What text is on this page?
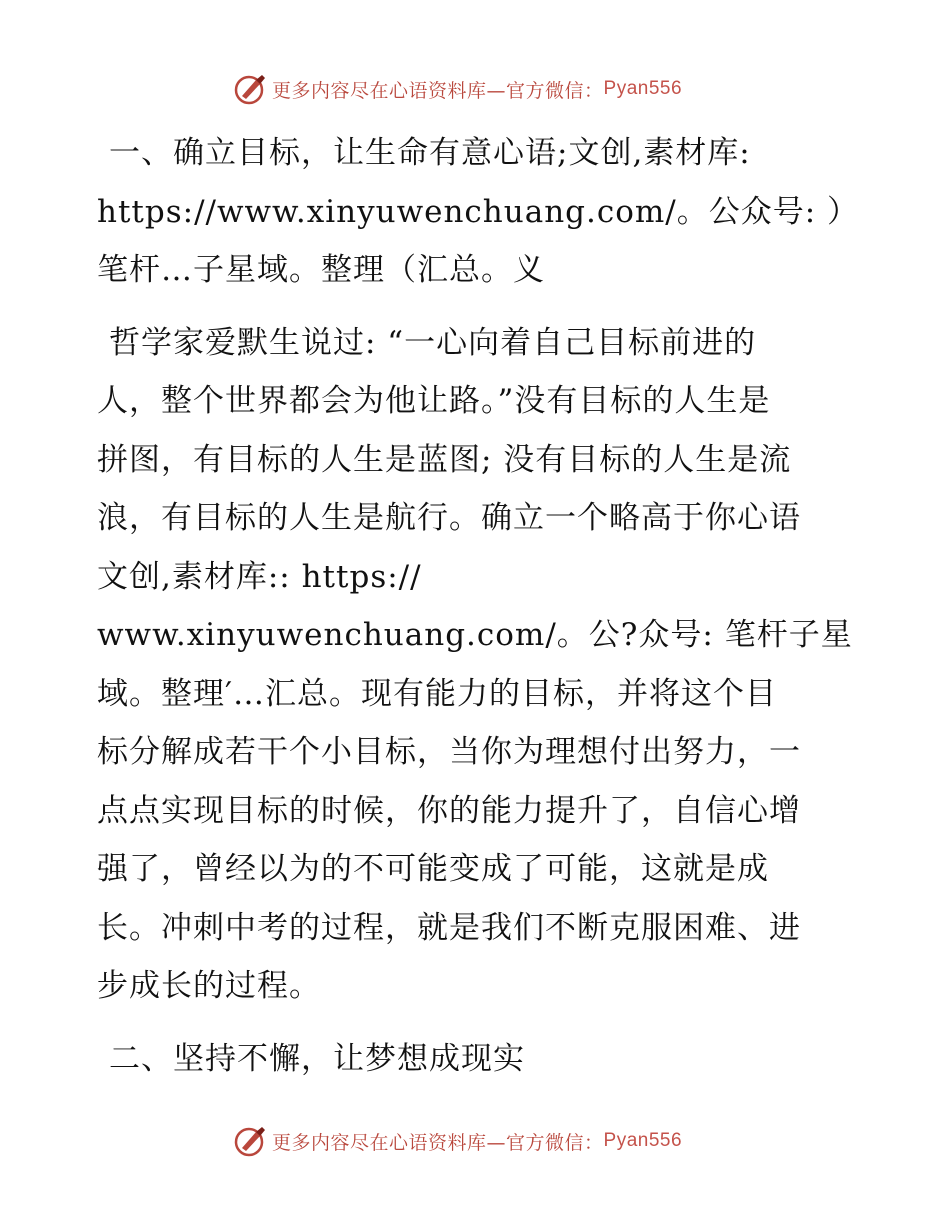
更多内容尽在心语资料库—官方微信： Pyan556

一、确立目标，让生命有意心语;文创,素材库:

https://www.xinyuwenchuang.com/。公众号: ）

笔杆…子星域。整理（汇总。义

哲学家爱默生说过: “一心向着自己目标前进的

人，整个世界都会为他让路。”没有目标的人生是

拼图，有目标的人生是蓝图; 没有目标的人生是流

浪，有目标的人生是航行。确立一个略高于你心语

文创,素材库:: https://

www.xinyuwenchuang.com/。公?众号: 笔杆子星

域。整理′…汇总。现有能力的目标，并将这个目

标分解成若干个小目标，当你为理想付出努力，一

点点实现目标的时候，你的能力提升了，自信心增

强了，曾经以为的不可能变成了可能，这就是成

长。冲刺中考的过程，就是我们不断克服困难、进

步成长的过程。

二、坚持不懈，让梦想成现实

更多内容尽在心语资料库—官方微信： Pyan556
